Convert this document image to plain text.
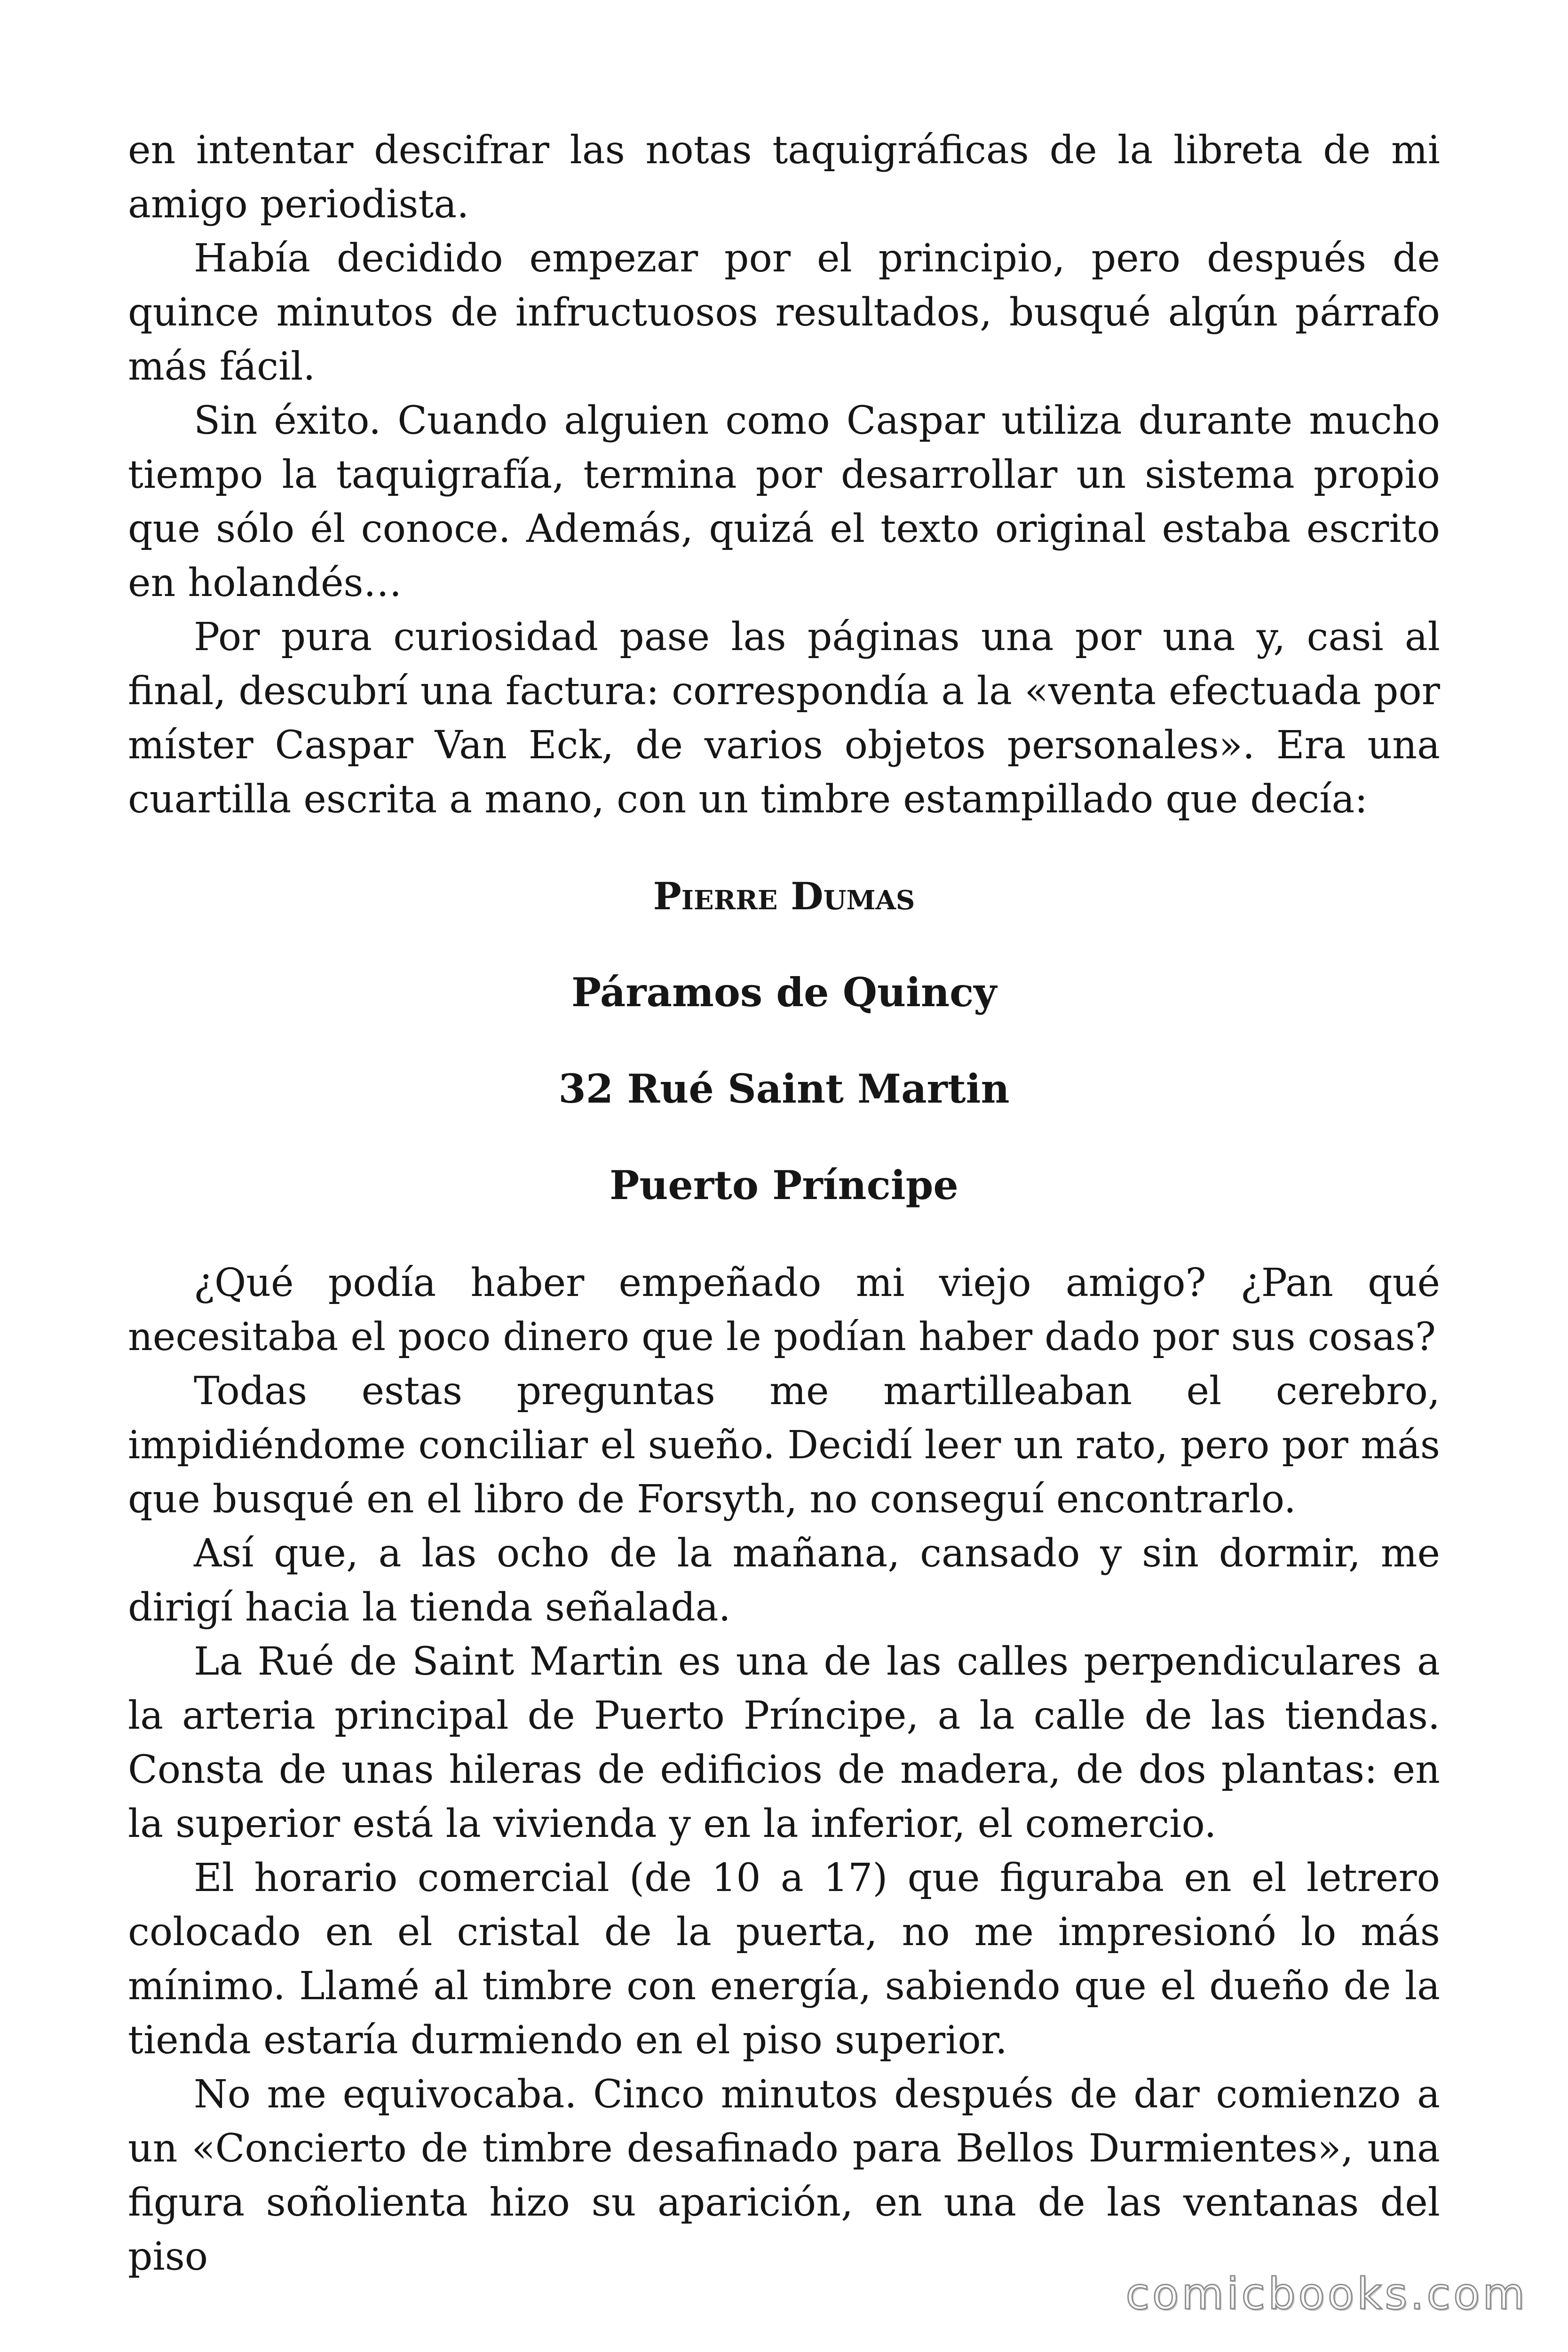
en intentar descifrar las notas taquigráficas de la libreta de mi amigo periodista.

Había decidido empezar por el principio, pero después de quince minutos de infructuosos resultados, busqué algún párrafo más fácil.

Sin éxito. Cuando alguien como Caspar utiliza durante mucho tiempo la taquigrafía, termina por desarrollar un sistema propio que sólo él conoce. Además, quizá el texto original estaba escrito en holandés…

Por pura curiosidad pase las páginas una por una y, casi al final, descubrí una factura: correspondía a la «venta efectuada por míster Caspar Van Eck, de varios objetos personales». Era una cuartilla escrita a mano, con un timbre estampillado que decía:

Pierre Dumas

Páramos de Quincy

32 Rué Saint Martin

Puerto Príncipe

¿Qué podía haber empeñado mi viejo amigo? ¿Pan qué necesitaba el poco dinero que le podían haber dado por sus cosas?

Todas estas preguntas me martilleaban el cerebro, impidiéndome conciliar el sueño. Decidí leer un rato, pero por más que busqué en el libro de Forsyth, no conseguí encontrarlo.

Así que, a las ocho de la mañana, cansado y sin dormir, me dirigí hacia la tienda señalada.

La Rué de Saint Martin es una de las calles perpendiculares a la arteria principal de Puerto Príncipe, a la calle de las tiendas. Consta de unas hileras de edificios de madera, de dos plantas: en la superior está la vivienda y en la inferior, el comercio.

El horario comercial (de 10 a 17) que figuraba en el letrero colocado en el cristal de la puerta, no me impresionó lo más mínimo. Llamé al timbre con energía, sabiendo que el dueño de la tienda estaría durmiendo en el piso superior.

No me equivocaba. Cinco minutos después de dar comienzo a un «Concierto de timbre desafinado para Bellos Durmientes», una figura soñolienta hizo su aparición, en una de las ventanas del piso

comicbooks.com
